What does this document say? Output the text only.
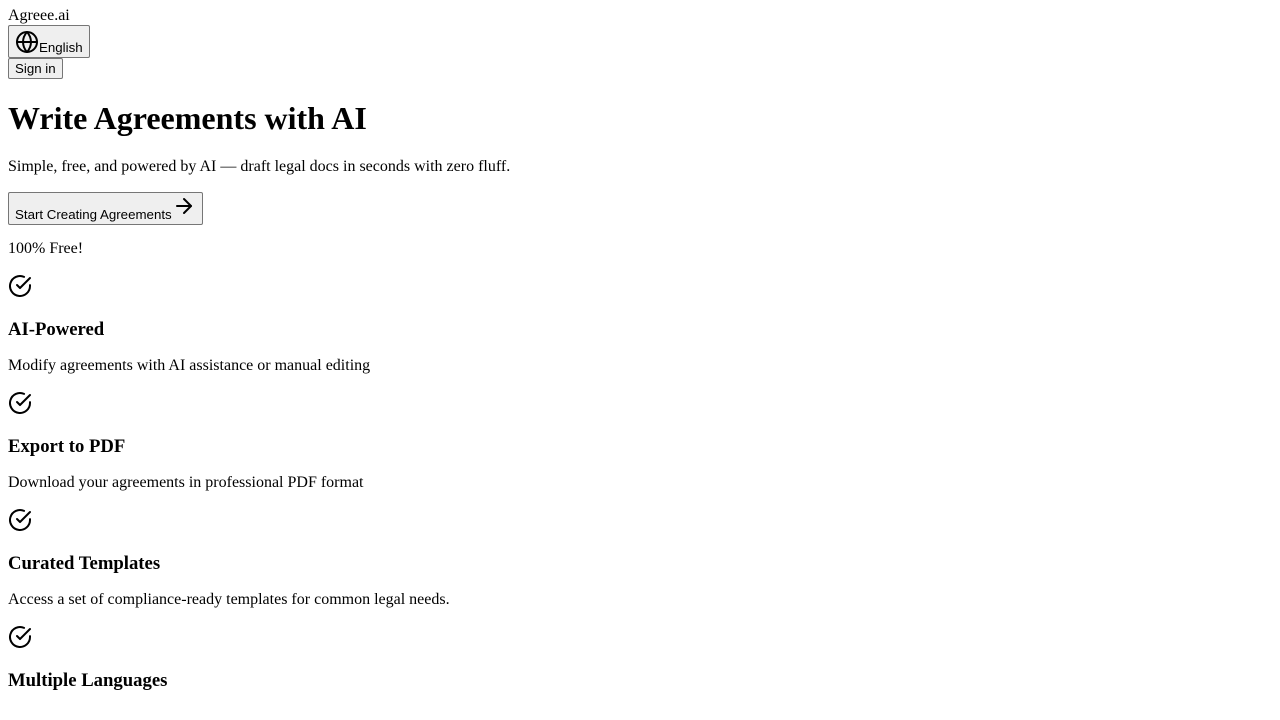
Agreee.ai
English
Sign in
Write Agreements with AI

Simple, free, and powered by AI — draft legal docs in seconds with zero fluff.

Start Creating Agreements

100% Free!

AI-Powered

Modify agreements with AI assistance or manual editing

Export to PDF

Download your agreements in professional PDF format

Curated Templates

Access a set of compliance-ready templates for common legal needs.

Multiple Languages
